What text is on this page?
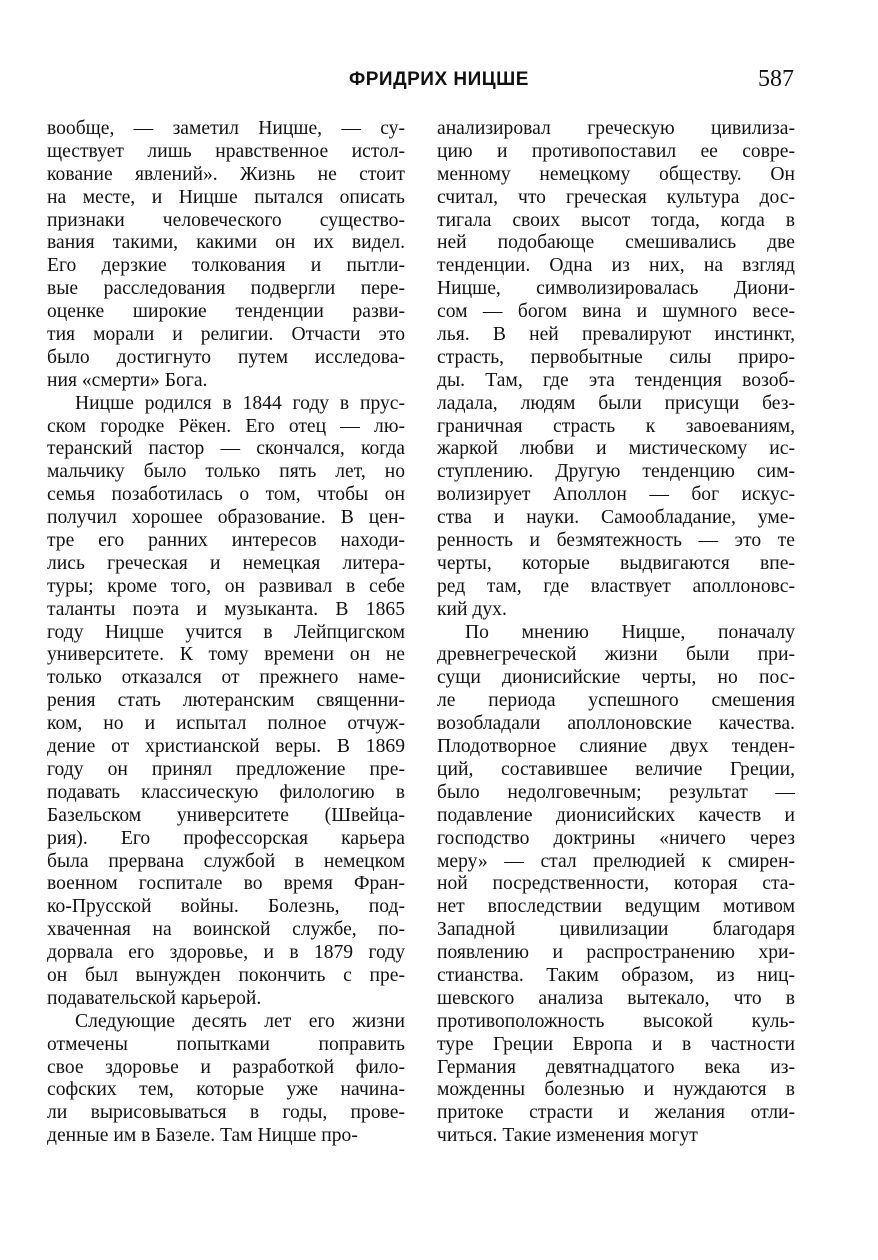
ФРИДРИХ НИЦШЕ	587
вообще, — заметил Ницше, — су-
ществует лишь нравственное истол-
кование явлений». Жизнь не стоит
на месте, и Ницше пытался описать
признаки человеческого существо-
вания такими, какими он их видел.
Его дерзкие толкования и пытли-
вые расследования подвергли пере-
оценке широкие тенденции разви-
тия морали и религии. Отчасти это
было достигнуто путем исследова-
ния «смерти» Бога.
Ницше родился в 1844 году в прус-
ском городке Рёкен. Его отец — лю-
теранский пастор — скончался, когда
мальчику было только пять лет, но
семья позаботилась о том, чтобы он
получил хорошее образование. В цен-
тре его ранних интересов находи-
лись греческая и немецкая литера-
туры; кроме того, он развивал в себе
таланты поэта и музыканта. В 1865
году Ницше учится в Лейпцигском
университете. К тому времени он не
только отказался от прежнего наме-
рения стать лютеранским священни-
ком, но и испытал полное отчуж-
дение от христианской веры. В 1869
году он принял предложение пре-
подавать классическую филологию в
Базельском университете (Швейца-
рия). Его профессорская карьера
была прервана службой в немецком
военном госпитале во время Фран-
ко-Прусской войны. Болезнь, под-
хваченная на воинской службе, по-
дорвала его здоровье, и в 1879 году
он был вынужден покончить с пре-
подавательской карьерой.
Следующие десять лет его жизни
отмечены попытками поправить
свое здоровье и разработкой фило-
софских тем, которые уже начина-
ли вырисовываться в годы, прове-
денные им в Базеле. Там Ницше про-
анализировал греческую цивилиза-
цию и противопоставил ее совре-
менному немецкому обществу. Он
считал, что греческая культура дос-
тигала своих высот тогда, когда в
ней подобающе смешивались две
тенденции. Одна из них, на взгляд
Ницше, символизировалась Диони-
сом — богом вина и шумного весе-
лья. В ней превалируют инстинкт,
страсть, первобытные силы приро-
ды. Там, где эта тенденция возоб-
ладала, людям были присущи без-
граничная страсть к завоеваниям,
жаркой любви и мистическому ис-
ступлению. Другую тенденцию сим-
волизирует Аполлон — бог искус-
ства и науки. Самообладание, уме-
ренность и безмятежность — это те
черты, которые выдвигаются впе-
ред там, где властвует аполлоновс-
кий дух.
По мнению Ницше, поначалу
древнегреческой жизни были при-
сущи дионисийские черты, но пос-
ле периода успешного смешения
возобладали аполлоновские качества.
Плодотворное слияние двух тенден-
ций, составившее величие Греции,
было недолговечным; результат —
подавление дионисийских качеств и
господство доктрины «ничего через
меру» — стал прелюдией к смирен-
ной посредственности, которая ста-
нет впоследствии ведущим мотивом
Западной цивилизации благодаря
появлению и распространению хри-
стианства. Таким образом, из ниц-
шевского анализа вытекало, что в
противоположность высокой куль-
туре Греции Европа и в частности
Германия девятнадцатого века из-
можденны болезнью и нуждаются в
притоке страсти и желания отли-
читься. Такие изменения могут
